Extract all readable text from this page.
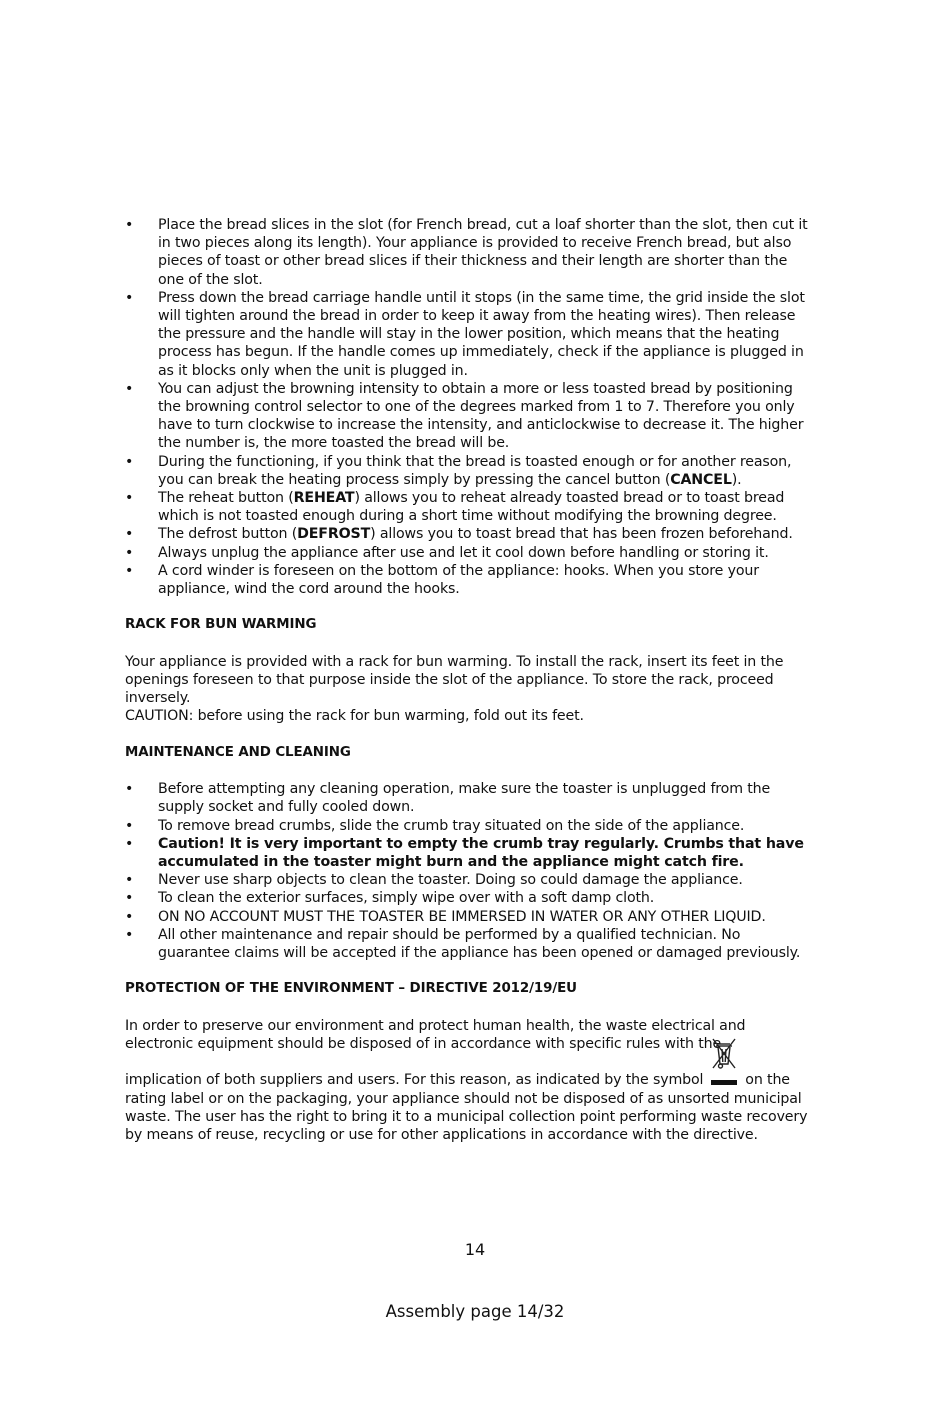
• Place the bread slices in the slot (for French bread, cut a loaf shorter than the slot, then cut it in two pieces along its length). Your appliance is provided to receive French bread, but also pieces of toast or other bread slices if their thickness and their length are shorter than the one of the slot.
• Press down the bread carriage handle until it stops (in the same time, the grid inside the slot will tighten around the bread in order to keep it away from the heating wires). Then release the pressure and the handle will stay in the lower position, which means that the heating process has begun. If the handle comes up immediately, check if the appliance is plugged in as it blocks only when the unit is plugged in.
• You can adjust the browning intensity to obtain a more or less toasted bread by positioning the browning control selector to one of the degrees marked from 1 to 7. Therefore you only have to turn clockwise to increase the intensity, and anticlockwise to decrease it. The higher the number is, the more toasted the bread will be.
• During the functioning, if you think that the bread is toasted enough or for another reason, you can break the heating process simply by pressing the cancel button (CANCEL).
• The reheat button (REHEAT) allows you to reheat already toasted bread or to toast bread which is not toasted enough during a short time without modifying the browning degree.
• The defrost button (DEFROST) allows you to toast bread that has been frozen beforehand.
• Always unplug the appliance after use and let it cool down before handling or storing it.
• A cord winder is foreseen on the bottom of the appliance: hooks. When you store your appliance, wind the cord around the hooks.
RACK FOR BUN WARMING

Your appliance is provided with a rack for bun warming. To install the rack, insert its feet in the openings foreseen to that purpose inside the slot of the appliance. To store the rack, proceed inversely.

CAUTION: before using the rack for bun warming, fold out its feet.

MAINTENANCE AND CLEANING
• Before attempting any cleaning operation, make sure the toaster is unplugged from the supply socket and fully cooled down.
• To remove bread crumbs, slide the crumb tray situated on the side of the appliance.
• Caution! It is very important to empty the crumb tray regularly. Crumbs that have accumulated in the toaster might burn and the appliance might catch fire.
• Never use sharp objects to clean the toaster. Doing so could damage the appliance.
• To clean the exterior surfaces, simply wipe over with a soft damp cloth.
• ON NO ACCOUNT MUST THE TOASTER BE IMMERSED IN WATER OR ANY OTHER LIQUID.
• All other maintenance and repair should be performed by a qualified technician. No guarantee claims will be accepted if the appliance has been opened or damaged previously.
PROTECTION OF THE ENVIRONMENT – DIRECTIVE 2012/19/EU

In order to preserve our environment and protect human health, the waste electrical and electronic equipment should be disposed of in accordance with specific rules with the

implication of both suppliers and users. For this reason, as indicated by the symbol	on the rating label or on the packaging, your appliance should not be disposed of as unsorted municipal waste. The user has the right to bring it to a municipal collection point performing waste recovery by means of reuse, recycling or use for other applications in accordance with the directive.

14
Assembly page 14/32
